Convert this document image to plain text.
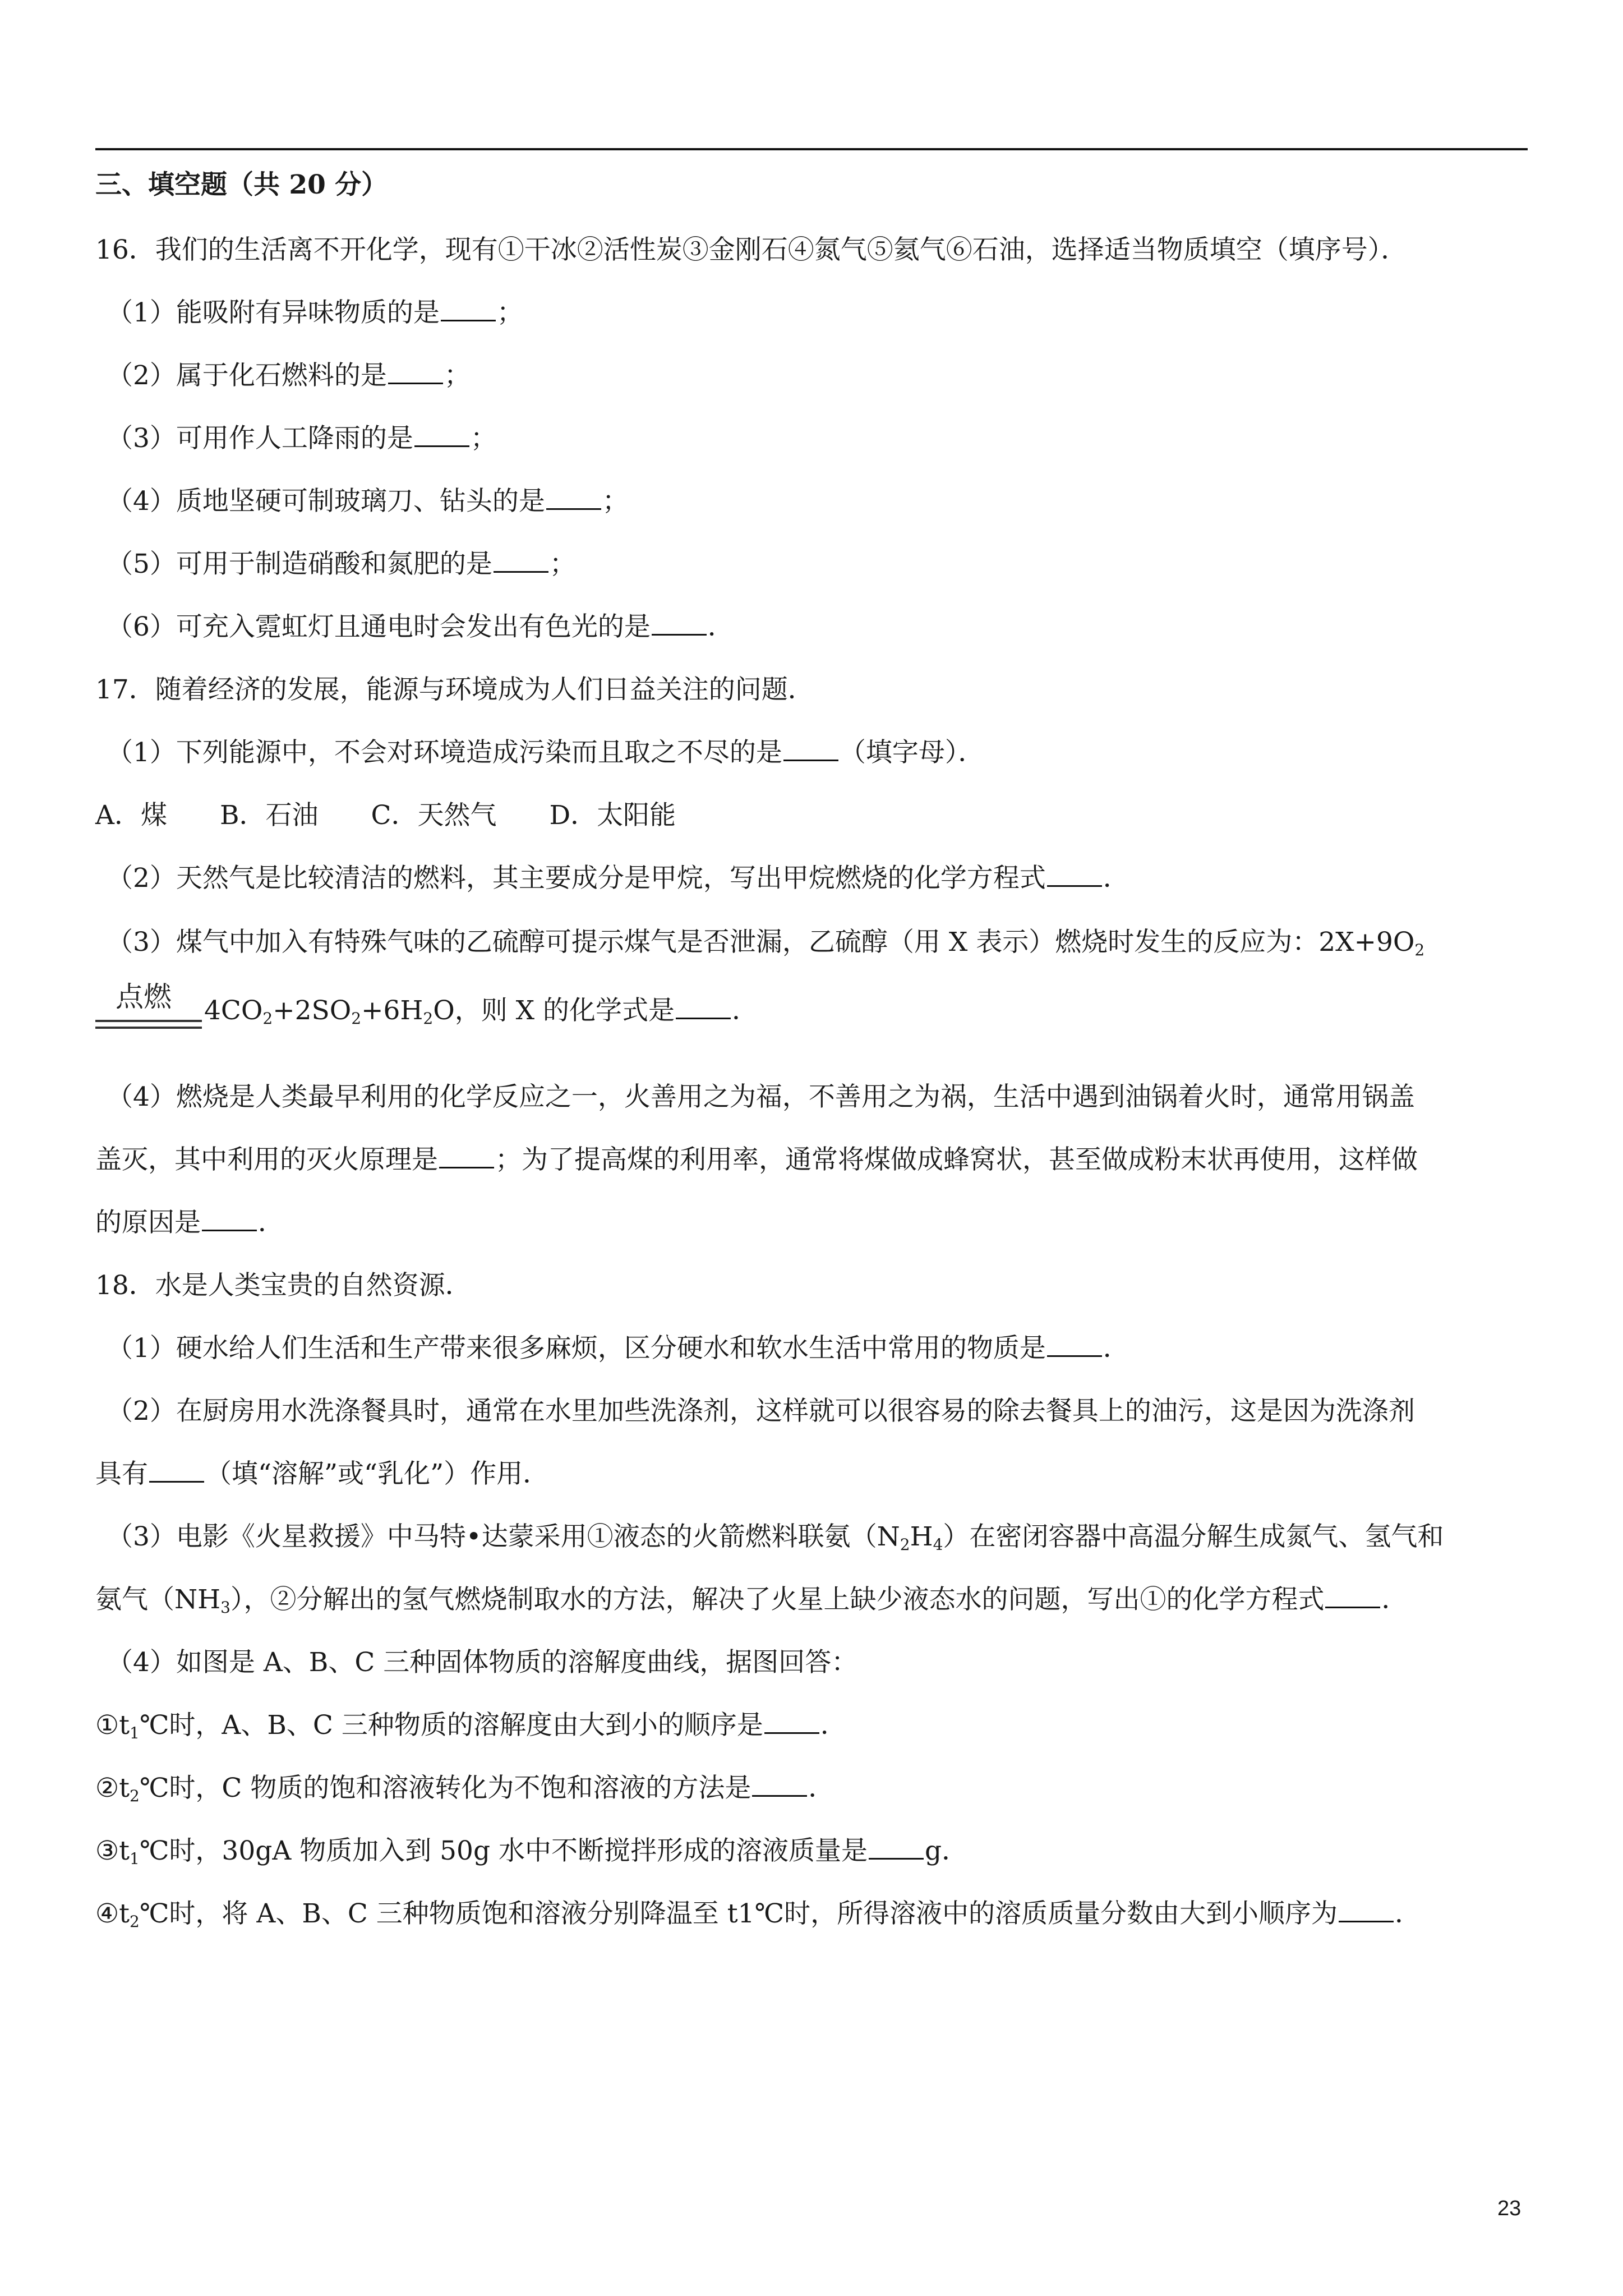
三、填空题（共 20 分）
16．我们的生活离不开化学，现有①干冰②活性炭③金刚石④氮气⑤氦气⑥石油，选择适当物质填空（填序号）．
（1）能吸附有异味物质的是 ；
（2）属于化石燃料的是 ；
（3）可用作人工降雨的是 ；
（4）质地坚硬可制玻璃刀、钻头的是 ；
（5）可用于制造硝酸和氮肥的是 ；
（6）可充入霓虹灯且通电时会发出有色光的是 ．
17．随着经济的发展，能源与环境成为人们日益关注的问题．
（1）下列能源中，不会对环境造成污染而且取之不尽的是 （填字母）．
A．煤　　B．石油　　C．天然气　　D．太阳能
（2）天然气是比较清洁的燃料，其主要成分是甲烷，写出甲烷燃烧的化学方程式 ．
（3）煤气中加入有特殊气味的乙硫醇可提示煤气是否泄漏，乙硫醇（用 X 表示）燃烧时发生的反应为：$2X+9O_2$
点燃 $4CO_2+2SO_2+6H_2O$，则 X 的化学式是 ．
（4）燃烧是人类最早利用的化学反应之一，火善用之为福，不善用之为祸，生活中遇到油锅着火时，通常用锅盖
盖灭，其中利用的灭火原理是 ；为了提高煤的利用率，通常将煤做成蜂窝状，甚至做成粉末状再使用，这样做
的原因是 ．
18．水是人类宝贵的自然资源．
（1）硬水给人们生活和生产带来很多麻烦，区分硬水和软水生活中常用的物质是 ．
（2）在厨房用水洗涤餐具时，通常在水里加些洗涤剂，这样就可以很容易的除去餐具上的油污，这是因为洗涤剂
具有 （填“溶解”或“乳化”）作用．
（3）电影《火星救援》中马特•达蒙采用①液态的火箭燃料联氨$(N_2H_4)$在密闭容器中高温分解生成氮气、氢气和
氨气$(NH_3)$，②分解出的氢气燃烧制取水的方法，解决了火星上缺少液态水的问题，写出①的化学方程式 ．
（4）如图是 A、B、C 三种固体物质的溶解度曲线，据图回答：
$①t_1℃$时，A、B、C 三种物质的溶解度由大到小的顺序是 ．
$②t_2℃$时，C 物质的饱和溶液转化为不饱和溶液的方法是 ．
$③t_1℃$时，30gA 物质加入到 50g 水中不断搅拌形成的溶液质量是 g．
$④t_2℃$时，将 A、B、C 三种物质饱和溶液分别降温至 t1℃时，所得溶液中的溶质质量分数由大到小顺序为 ．
23
